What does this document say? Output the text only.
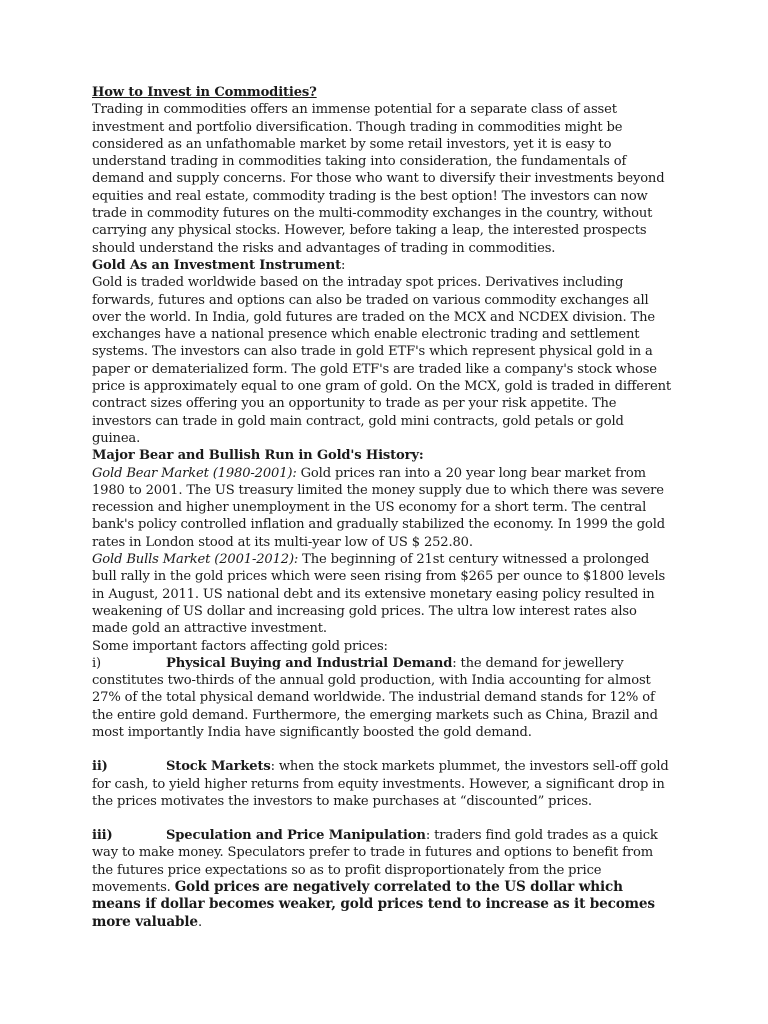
How to Invest in Commodities?

Trading in commodities offers an immense potential for a separate class of asset investment and portfolio diversification. Though trading in commodities might be considered as an unfathomable market by some retail investors, yet it is easy to understand trading in commodities taking into consideration, the fundamentals of demand and supply concerns. For those who want to diversify their investments beyond equities and real estate, commodity trading is the best option! The investors can now trade in commodity futures on the multi-commodity exchanges in the country, without carrying any physical stocks. However, before taking a leap, the interested prospects should understand the risks and advantages of trading in commodities.

Gold As an Investment Instrument:

Gold is traded worldwide based on the intraday spot prices. Derivatives including forwards, futures and options can also be traded on various commodity exchanges all over the world. In India, gold futures are traded on the MCX and NCDEX division. The exchanges have a national presence which enable electronic trading and settlement systems. The investors can also trade in gold ETF's which represent physical gold in a paper or dematerialized form. The gold ETF's are traded like a company's stock whose price is approximately equal to one gram of gold. On the MCX, gold is traded in different contract sizes offering you an opportunity to trade as per your risk appetite. The investors can trade in gold main contract, gold mini contracts, gold petals or gold guinea.

Major Bear and Bullish Run in Gold's History:

Gold Bear Market (1980-2001): Gold prices ran into a 20 year long bear market from 1980 to 2001. The US treasury limited the money supply due to which there was severe recession and higher unemployment in the US economy for a short term. The central bank's policy controlled inflation and gradually stabilized the economy. In 1999 the gold rates in London stood at its multi-year low of US $ 252.80.

Gold Bulls Market (2001-2012): The beginning of 21st century witnessed a prolonged bull rally in the gold prices which were seen rising from $265 per ounce to $1800 levels in August, 2011. US national debt and its extensive monetary easing policy resulted in weakening of US dollar and increasing gold prices. The ultra low interest rates also made gold an attractive investment.

Some important factors affecting gold prices:

i)	Physical Buying and Industrial Demand: the demand for jewellery constitutes two-thirds of the annual gold production, with India accounting for almost 27% of the total physical demand worldwide. The industrial demand stands for 12% of the entire gold demand. Furthermore, the emerging markets such as China, Brazil and most importantly India have significantly boosted the gold demand.

ii)	Stock Markets: when the stock markets plummet, the investors sell-off gold for cash, to yield higher returns from equity investments. However, a significant drop in the prices motivates the investors to make purchases at “discounted” prices.

iii)	Speculation and Price Manipulation: traders find gold trades as a quick way to make money. Speculators prefer to trade in futures and options to benefit from the futures price expectations so as to profit disproportionately from the price movements. Gold prices are negatively correlated to the US dollar which means if dollar becomes weaker, gold prices tend to increase as it becomes more valuable.
